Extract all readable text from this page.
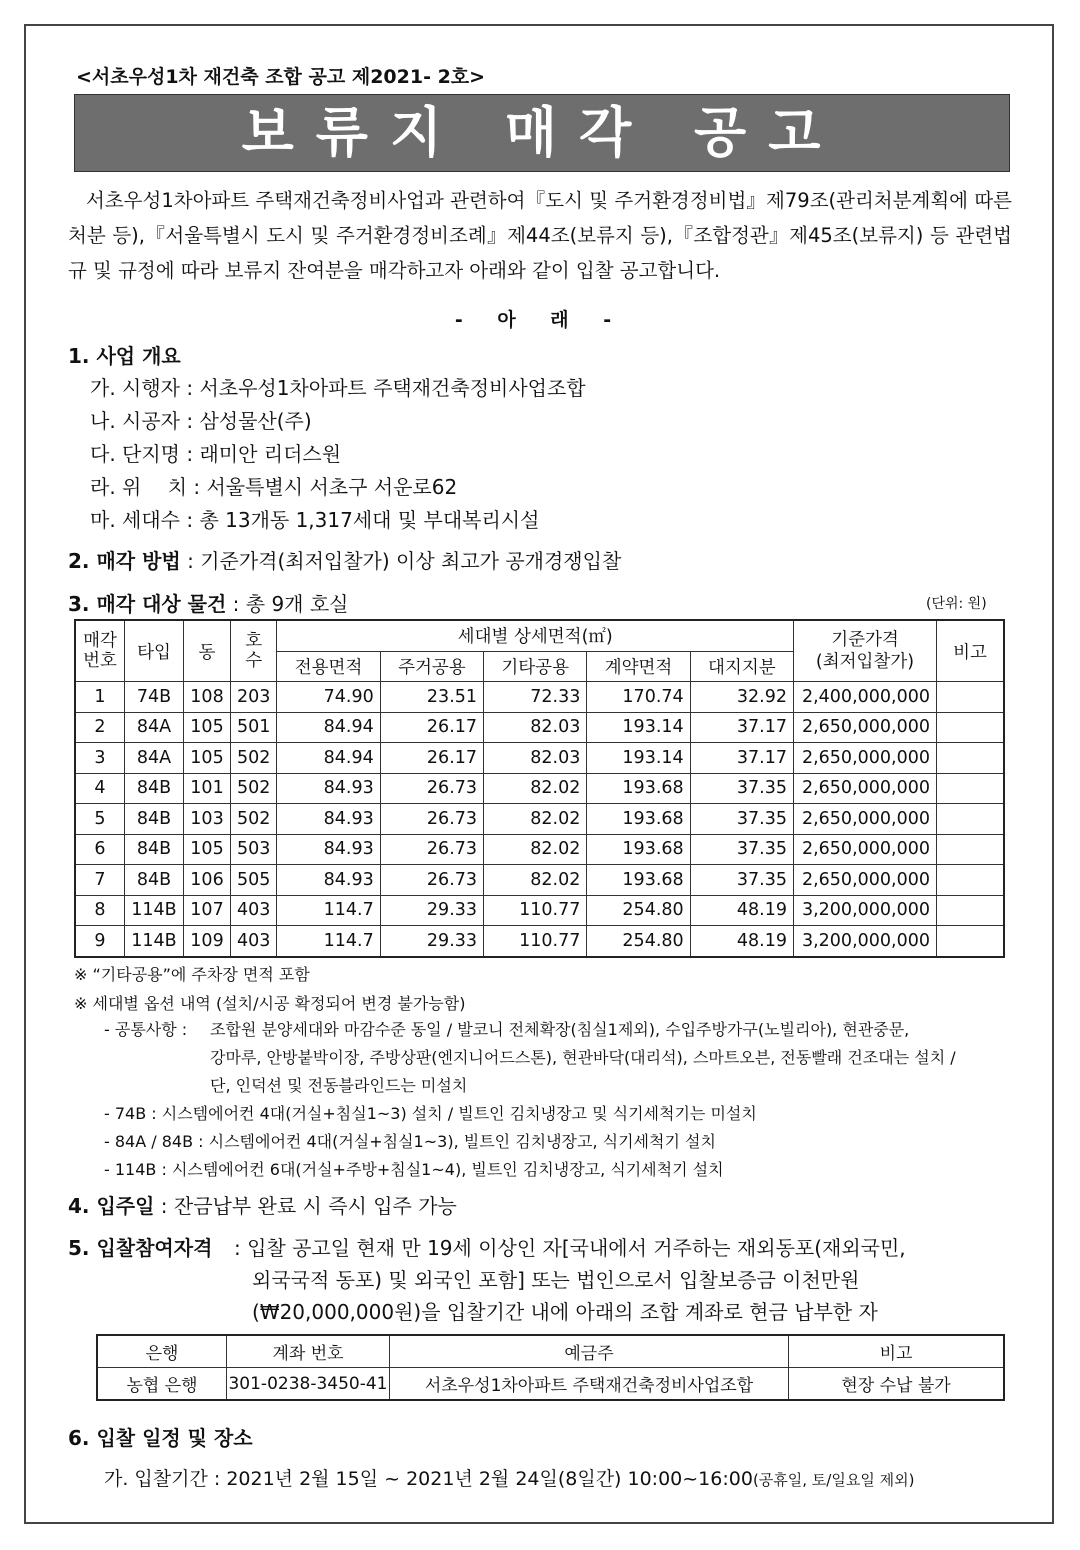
<서초우성1차 재건축 조합 공고 제2021- 2호>
보류지 매각 공고
서초우성1차아파트 주택재건축정비사업과 관련하여『도시 및 주거환경정비법』제79조(관리처분계획에 따른 처분 등),『서울특별시 도시 및 주거환경정비조례』제44조(보류지 등),『조합정관』제45조(보류지) 등 관련법규 및 규정에 따라 보류지 잔여분을 매각하고자 아래와 같이 입찰 공고합니다.
- 아 래 -
1. 사업 개요
가. 시행자 : 서초우성1차아파트 주택재건축정비사업조합
나. 시공자 : 삼성물산(주)
다. 단지명 : 래미안 리더스원
라. 위　 치 : 서울특별시 서초구 서운로62
마. 세대수 : 총 13개동 1,317세대 및 부대복리시설
2. 매각 방법 : 기준가격(최저입찰가) 이상 최고가 공개경쟁입찰
3. 매각 대상 물건 : 총 9개 호실	(단위: 원)
매각
번호	타입	동	호
수	세대별 상세면적(㎡)					기준가격
(최저입찰가)	비고
				전용면적	주거공용	기타공용	계약면적	대지지분		
1	74B	108	203	74.90	23.51	72.33	170.74	32.92	2,400,000,000	
2	84A	105	501	84.94	26.17	82.03	193.14	37.17	2,650,000,000	
3	84A	105	502	84.94	26.17	82.03	193.14	37.17	2,650,000,000	
4	84B	101	502	84.93	26.73	82.02	193.68	37.35	2,650,000,000	
5	84B	103	502	84.93	26.73	82.02	193.68	37.35	2,650,000,000	
6	84B	105	503	84.93	26.73	82.02	193.68	37.35	2,650,000,000	
7	84B	106	505	84.93	26.73	82.02	193.68	37.35	2,650,000,000	
8	114B	107	403	114.7	29.33	110.77	254.80	48.19	3,200,000,000	
9	114B	109	403	114.7	29.33	110.77	254.80	48.19	3,200,000,000	
※ “기타공용”에 주차장 면적 포함
※ 세대별 옵션 내역 (설치/시공 확정되어 변경 불가능함)
- 공통사항 : 조합원 분양세대와 마감수준 동일 / 발코니 전체확장(침실1제외), 수입주방가구(노빌리아), 현관중문,
강마루, 안방붙박이장, 주방상판(엔지니어드스톤), 현관바닥(대리석), 스마트오븐, 전동빨래 건조대는 설치 /
단, 인덕션 및 전동블라인드는 미설치
- 74B : 시스템에어컨 4대(거실+침실1~3) 설치 / 빌트인 김치냉장고 및 식기세척기는 미설치
- 84A / 84B : 시스템에어컨 4대(거실+침실1~3), 빌트인 김치냉장고, 식기세척기 설치
- 114B : 시스템에어컨 6대(거실+주방+침실1~4), 빌트인 김치냉장고, 식기세척기 설치
4. 입주일 : 잔금납부 완료 시 즉시 입주 가능
5. 입찰참여자격 : 입찰 공고일 현재 만 19세 이상인 자[국내에서 거주하는 재외동포(재외국민,
외국국적 동포) 및 외국인 포함] 또는 법인으로서 입찰보증금 이천만원
(₩20,000,000원)을 입찰기간 내에 아래의 조합 계좌로 현금 납부한 자
은행	계좌 번호	예금주	비고
농협 은행	301-0238-3450-41	서초우성1차아파트 주택재건축정비사업조합	현장 수납 불가
6. 입찰 일정 및 장소
가. 입찰기간 : 2021년 2월 15일 ~ 2021년 2월 24일(8일간) 10:00~16:00(공휴일, 토/일요일 제외)
